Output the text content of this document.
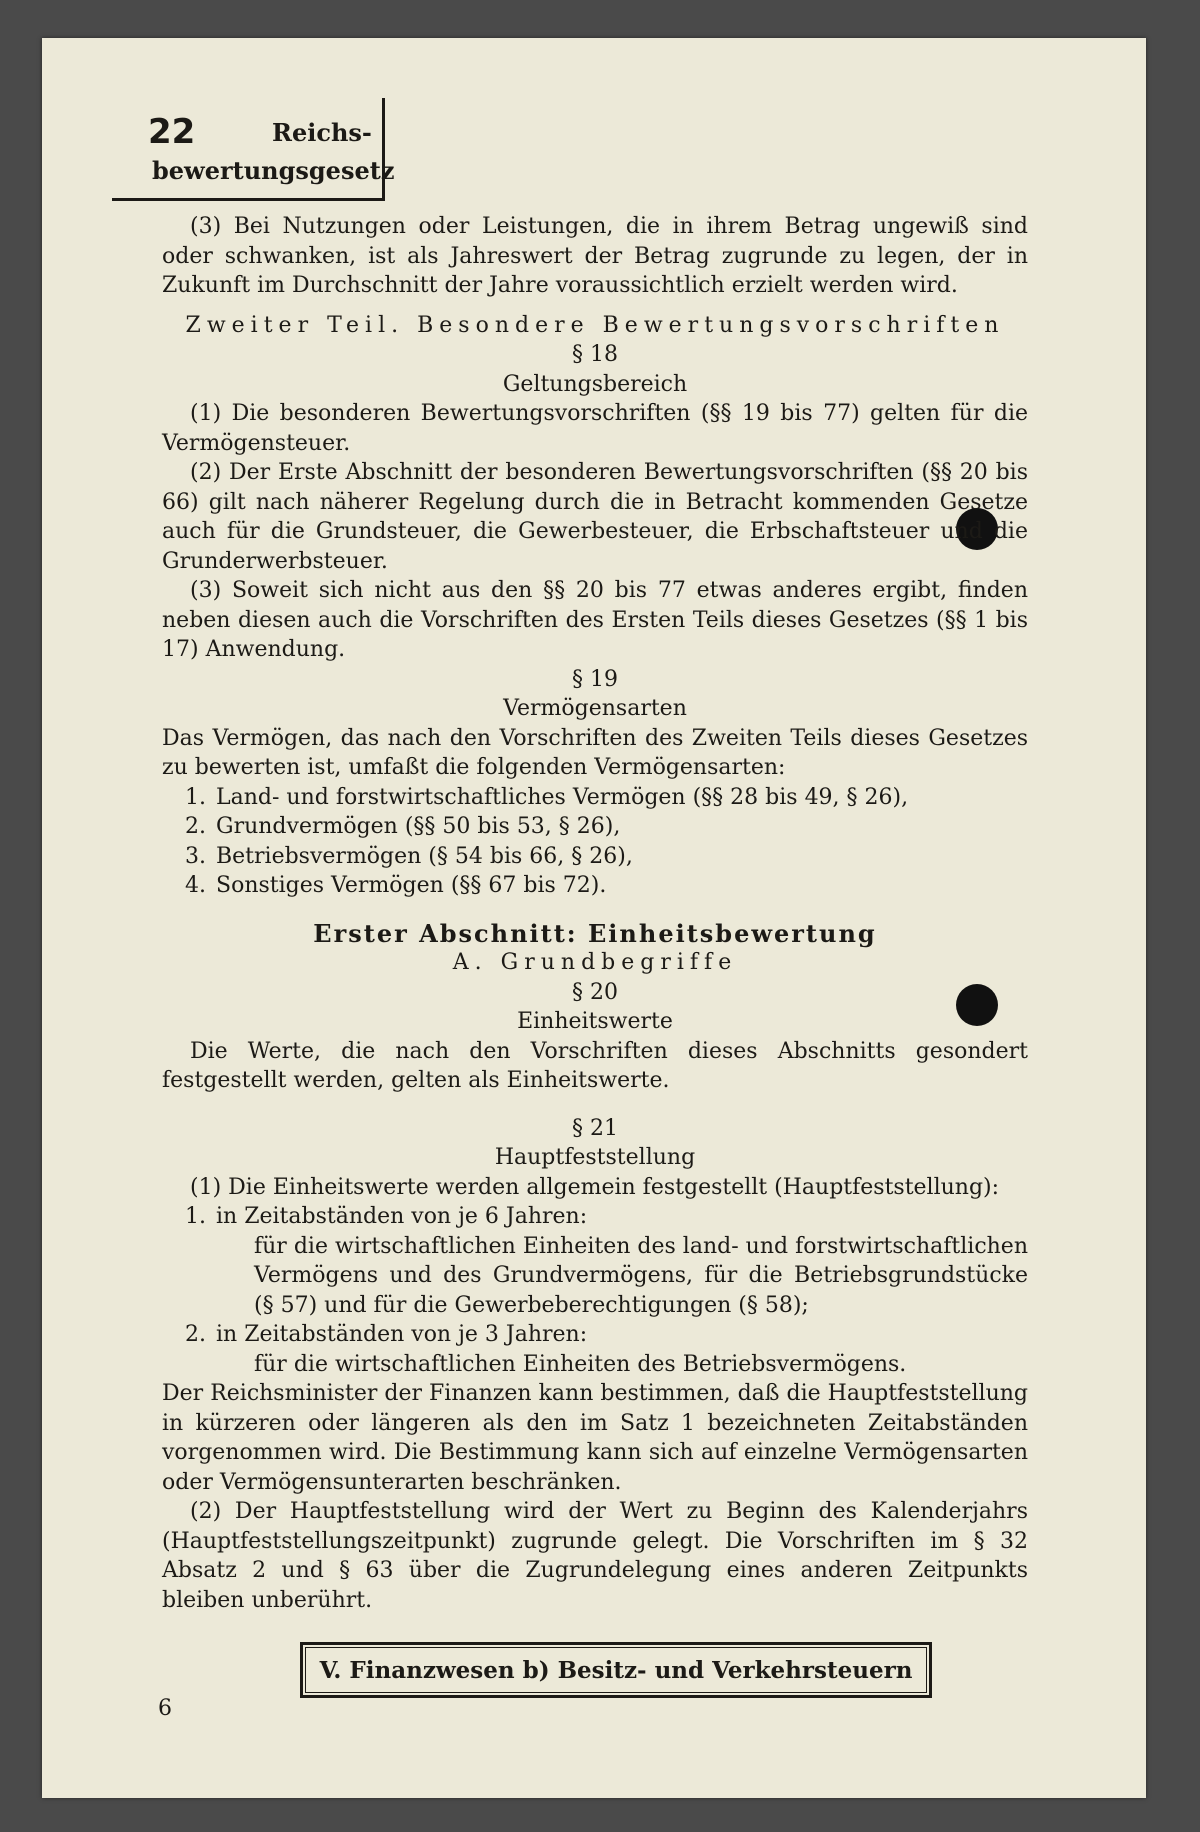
22	Reichs-
bewertungsgesetz
V. Finanzwesen b) Besitz- und Verkehrsteuern
6

(3) Bei Nutzungen oder Leistungen, die in ihrem Betrag ungewiß sind oder schwanken, ist als Jahreswert der Betrag zugrunde zu legen, der in Zukunft im Durchschnitt der Jahre voraussichtlich erzielt werden wird.

Zweiter Teil. Besondere Bewertungsvorschriften

§ 18

Geltungsbereich

(1) Die besonderen Bewertungsvorschriften (§§ 19 bis 77) gelten für die Vermögensteuer.

(2) Der Erste Abschnitt der besonderen Bewertungsvorschriften (§§ 20 bis 66) gilt nach näherer Regelung durch die in Betracht kommenden Gesetze auch für die Grundsteuer, die Gewerbesteuer, die Erbschaftsteuer und die Grunderwerbsteuer.

(3) Soweit sich nicht aus den §§ 20 bis 77 etwas anderes ergibt, finden neben diesen auch die Vorschriften des Ersten Teils dieses Gesetzes (§§ 1 bis 17) Anwendung.

§ 19

Vermögensarten

Das Vermögen, das nach den Vorschriften des Zweiten Teils dieses Gesetzes zu bewerten ist, umfaßt die folgenden Vermögensarten:

1. Land- und forstwirtschaftliches Vermögen (§§ 28 bis 49, § 26),
2. Grundvermögen (§§ 50 bis 53, § 26),
3. Betriebsvermögen (§ 54 bis 66, § 26),
4. Sonstiges Vermögen (§§ 67 bis 72).

Erster Abschnitt: Einheitsbewertung

A. Grundbegriffe

§ 20

Einheitswerte

Die Werte, die nach den Vorschriften dieses Abschnitts gesondert festgestellt werden, gelten als Einheitswerte.

§ 21

Hauptfeststellung

(1) Die Einheitswerte werden allgemein festgestellt (Hauptfeststellung):

1. in Zeitabständen von je 6 Jahren:

für die wirtschaftlichen Einheiten des land- und forstwirtschaftlichen Vermögens und des Grundvermögens, für die Betriebsgrundstücke (§ 57) und für die Gewerbeberechtigungen (§ 58);

2. in Zeitabständen von je 3 Jahren:

für die wirtschaftlichen Einheiten des Betriebsvermögens.

Der Reichsminister der Finanzen kann bestimmen, daß die Hauptfeststellung in kürzeren oder längeren als den im Satz 1 bezeichneten Zeitabständen vorgenommen wird. Die Bestimmung kann sich auf einzelne Vermögensarten oder Vermögensunterarten beschränken.

(2) Der Hauptfeststellung wird der Wert zu Beginn des Kalenderjahrs (Hauptfeststellungszeitpunkt) zugrunde gelegt. Die Vorschriften im § 32 Absatz 2 und § 63 über die Zugrundelegung eines anderen Zeitpunkts bleiben unberührt.
